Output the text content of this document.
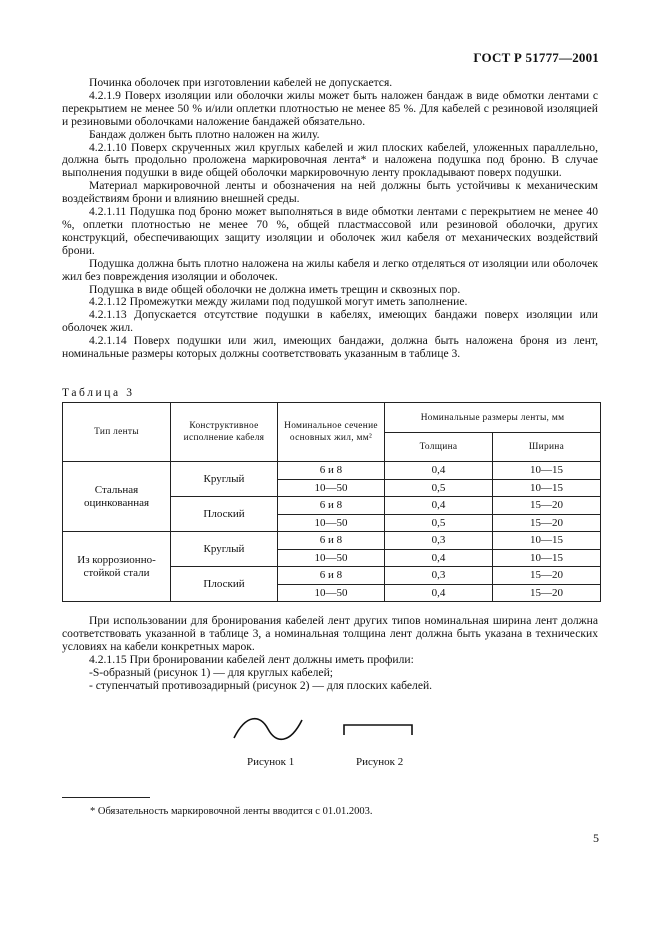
ГОСТ Р 51777—2001

Починка оболочек при изготовлении кабелей не допускается.

4.2.1.9 Поверх изоляции или оболочки жилы может быть наложен бандаж в виде обмотки лентами с перекрытием не менее 50 % и/или оплетки плотностью не менее 85 %. Для кабелей с резиновой изоляцией и резиновыми оболочками наложение бандажей обязательно.

Бандаж должен быть плотно наложен на жилу.

4.2.1.10 Поверх скрученных жил круглых кабелей и жил плоских кабелей, уложенных параллельно, должна быть продольно проложена маркировочная лента* и наложена подушка под броню. В случае выполнения подушки в виде общей оболочки маркировочную ленту прокладывают поверх подушки.

Материал маркировочной ленты и обозначения на ней должны быть устойчивы к механическим воздействиям брони и влиянию внешней среды.

4.2.1.11 Подушка под броню может выполняться в виде обмотки лентами с перекрытием не менее 40 %, оплетки плотностью не менее 70 %, общей пластмассовой или резиновой оболочки, других конструкций, обеспечивающих защиту изоляции и оболочек жил кабеля от механических воздействий брони.

Подушка должна быть плотно наложена на жилы кабеля и легко отделяться от изоляции или оболочек жил без повреждения изоляции и оболочек.

Подушка в виде общей оболочки не должна иметь трещин и сквозных пор.

4.2.1.12 Промежутки между жилами под подушкой могут иметь заполнение.

4.2.1.13 Допускается отсутствие подушки в кабелях, имеющих бандажи поверх изоляции или оболочек жил.

4.2.1.14 Поверх подушки или жил, имеющих бандажи, должна быть наложена броня из лент, номинальные размеры которых должны соответствовать указанным в таблице 3.

Таблица 3
Тип ленты	Конструктивное исполнение кабеля	Номинальное сечение основных жил, мм²	Номинальные размеры ленты, мм	
			Толщина	Ширина
Стальная оцинкованная	Круглый	6 и 8	0,4	10—15
		10—50	0,5	10—15
	Плоский	6 и 8	0,4	15—20
		10—50	0,5	15—20
Из коррозионно-стойкой стали	Круглый	6 и 8	0,3	10—15
		10—50	0,4	10—15
	Плоский	6 и 8	0,3	15—20
		10—50	0,4	15—20

При использовании для бронирования кабелей лент других типов номинальная ширина лент должна соответствовать указанной в таблице 3, а номинальная толщина лент должна быть указана в технических условиях на кабели конкретных марок.

4.2.1.15 При бронировании кабелей лент должны иметь профили:

-S-образный (рисунок 1) — для круглых кабелей;

- ступенчатый противозадирный (рисунок 2) — для плоских кабелей.

Рисунок 1	Рисунок 2
* Обязательность маркировочной ленты вводится с 01.01.2003.
5
